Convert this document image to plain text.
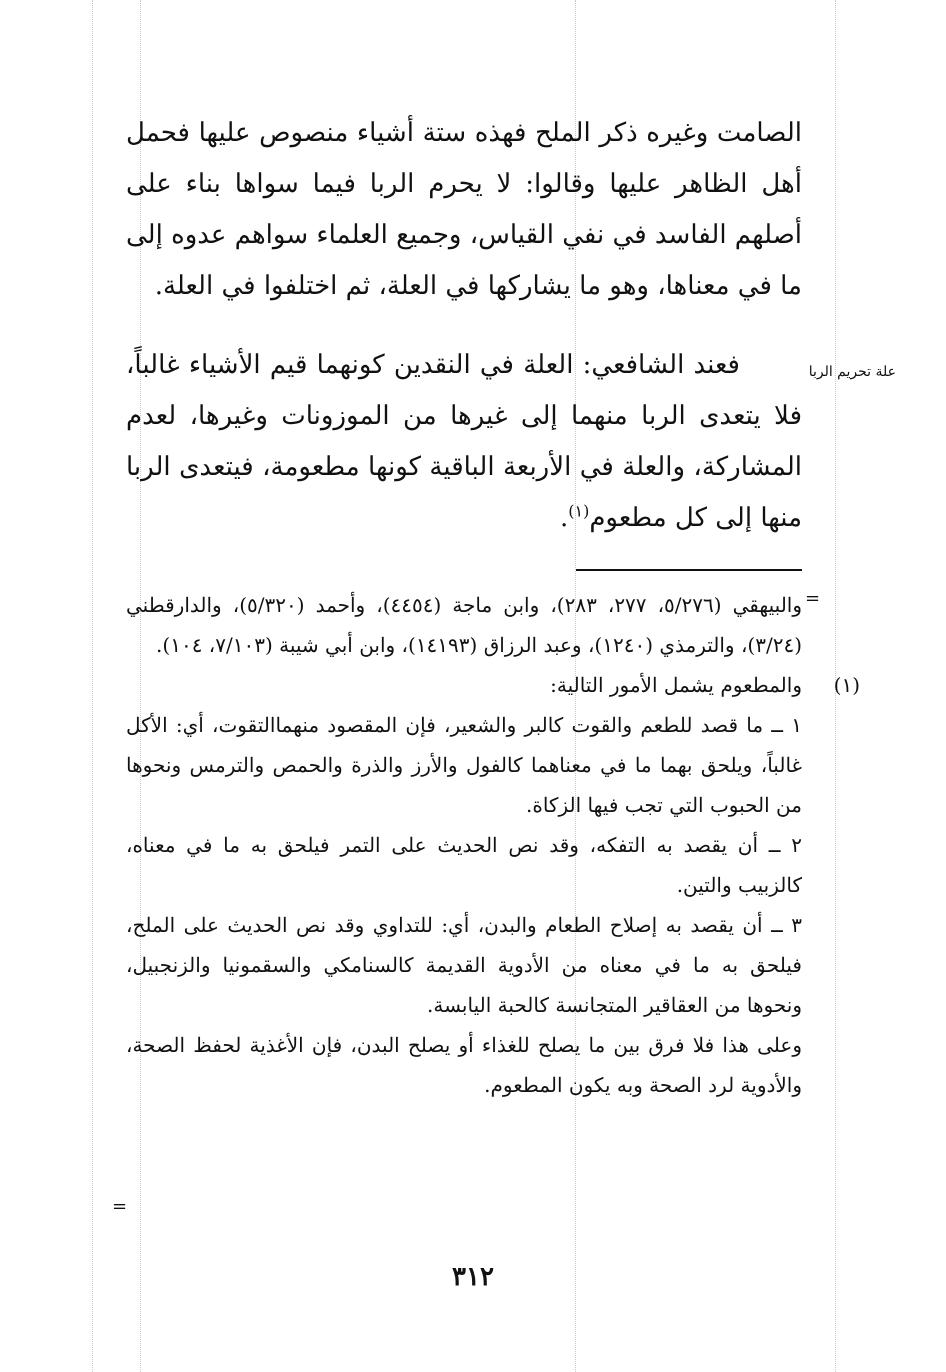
الصامت وغيره ذكر الملح فهذه ستة أشياء منصوص عليها فحمل أهل الظاهر عليها وقالوا: لا يحرم الربا فيما سواها بناء على أصلهم الفاسد في نفي القياس، وجميع العلماء سواهم عدوه إلى ما في معناها، وهو ما يشاركها في العلة، ثم اختلفوا في العلة.

فعند الشافعي: العلة في النقدين كونهما قيم الأشياء غالباً، فلا يتعدى الربا منهما إلى غيرها من الموزونات وغيرها، لعدم المشاركة، والعلة في الأربعة الباقية كونها مطعومة، فيتعدى الربا منها إلى كل مطعوم$^{(١)}$.

علة تحريم الربا
=
=

والبيهقي (٥/٢٧٦، ٢٧٧، ٢٨٣)، وابن ماجة (٤٤٥٤)، وأحمد (٥/٣٢٠)، والدارقطني (٣/٢٤)، والترمذي (١٢٤٠)، وعبد الرزاق (١٤١٩٣)، وابن أبي شيبة (٧/١٠٣، ١٠٤).

(١)
والمطعوم يشمل الأمور التالية:

١ ــ ما قصد للطعم والقوت كالبر والشعير، فإن المقصود منهماالتقوت، أي: الأكل غالباً، ويلحق بهما ما في معناهما كالفول والأرز والذرة والحمص والترمس ونحوها من الحبوب التي تجب فيها الزكاة.

٢ ــ أن يقصد به التفكه، وقد نص الحديث على التمر فيلحق به ما في معناه، كالزبيب والتين.

٣ ــ أن يقصد به إصلاح الطعام والبدن، أي: للتداوي وقد نص الحديث على الملح، فيلحق به ما في معناه من الأدوية القديمة كالسنامكي والسقمونيا والزنجبيل، ونحوها من العقاقير المتجانسة كالحبة اليابسة.

وعلى هذا فلا فرق بين ما يصلح للغذاء أو يصلح البدن، فإن الأغذية لحفظ الصحة، والأدوية لرد الصحة وبه يكون المطعوم.

٣١٢
